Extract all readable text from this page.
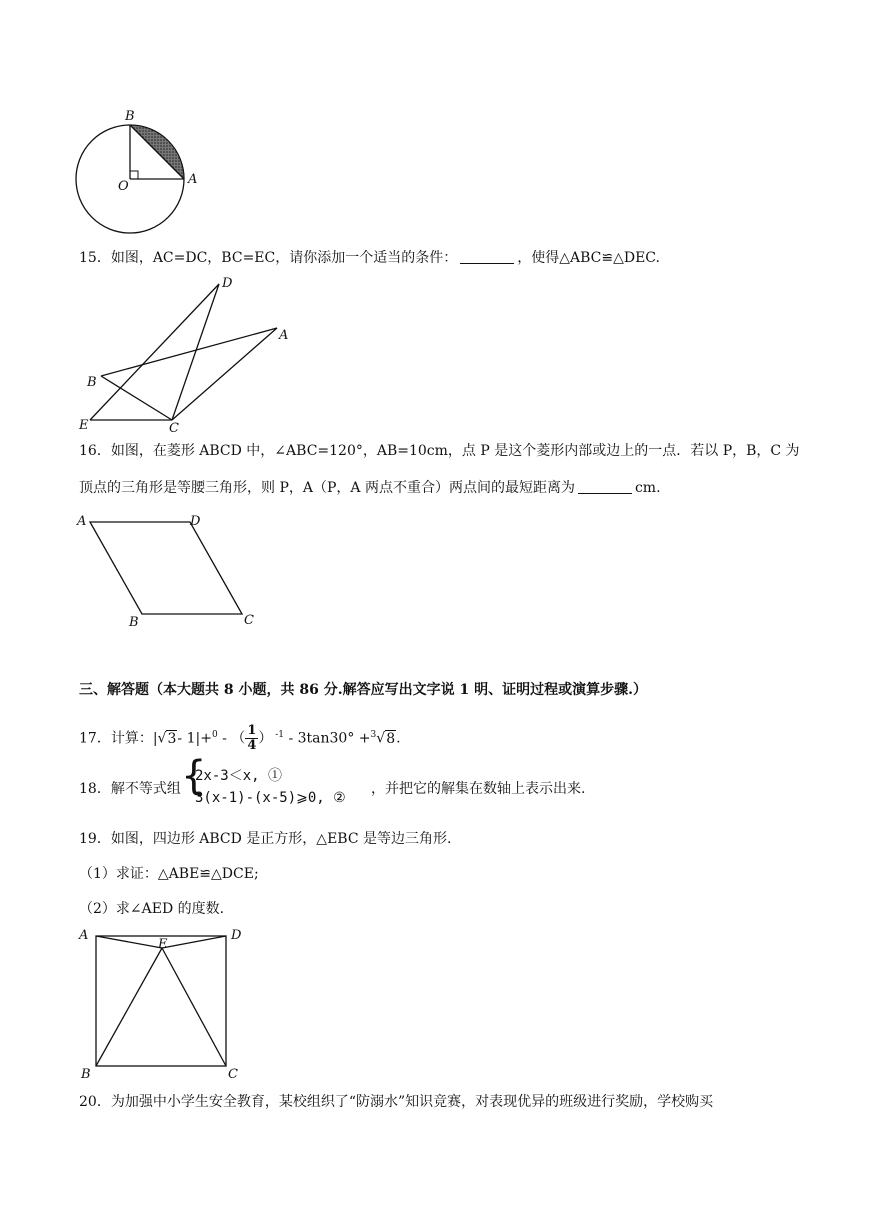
B
O	A
15．如图，AC=DC，BC=EC，请你添加一个适当的条件：	，使得△ABC≌△DEC.
D
A
B
E	C
16．如图，在菱形 ABCD 中，∠ABC=120°，AB=10cm，点 P 是这个菱形内部或边上的一点．若以 P，B，C 为
顶点的三角形是等腰三角形，则 P，A（P，A 两点不重合）两点间的最短距离为	cm.
A	D
B	C
三、解答题（本大题共 8 小题，共 86 分.解答应写出文字说 1 明、证明过程或演算步骤.）
17．计算：|√3- 1|+$^0$ - （ $\frac{1}{4}$ ） $^{-1}$ - 3tan30° +$^3$√8.
18．解不等式组 {
2x-3＜x, ①
3(x-1)-(x-5)⩾0, ②
，并把它的解集在数轴上表示出来.
19．如图，四边形 ABCD 是正方形，△EBC 是等边三角形.
（1）求证：△ABE≌△DCE;
（2）求∠AED 的度数.
A
E
D
B	C
20．为加强中小学生安全教育，某校组织了“防溺水”知识竞赛，对表现优异的班级进行奖励，学校购买
